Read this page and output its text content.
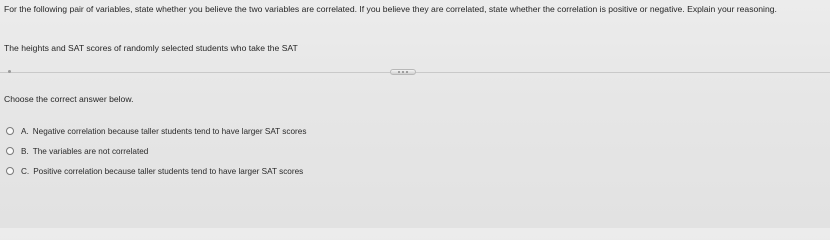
For the following pair of variables, state whether you believe the two variables are correlated. If you believe they are correlated, state whether the correlation is positive or negative. Explain your reasoning.
The heights and SAT scores of randomly selected students who take the SAT
Choose the correct answer below.
A. Negative correlation because taller students tend to have larger SAT scores
B. The variables are not correlated
C. Positive correlation because taller students tend to have larger SAT scores
